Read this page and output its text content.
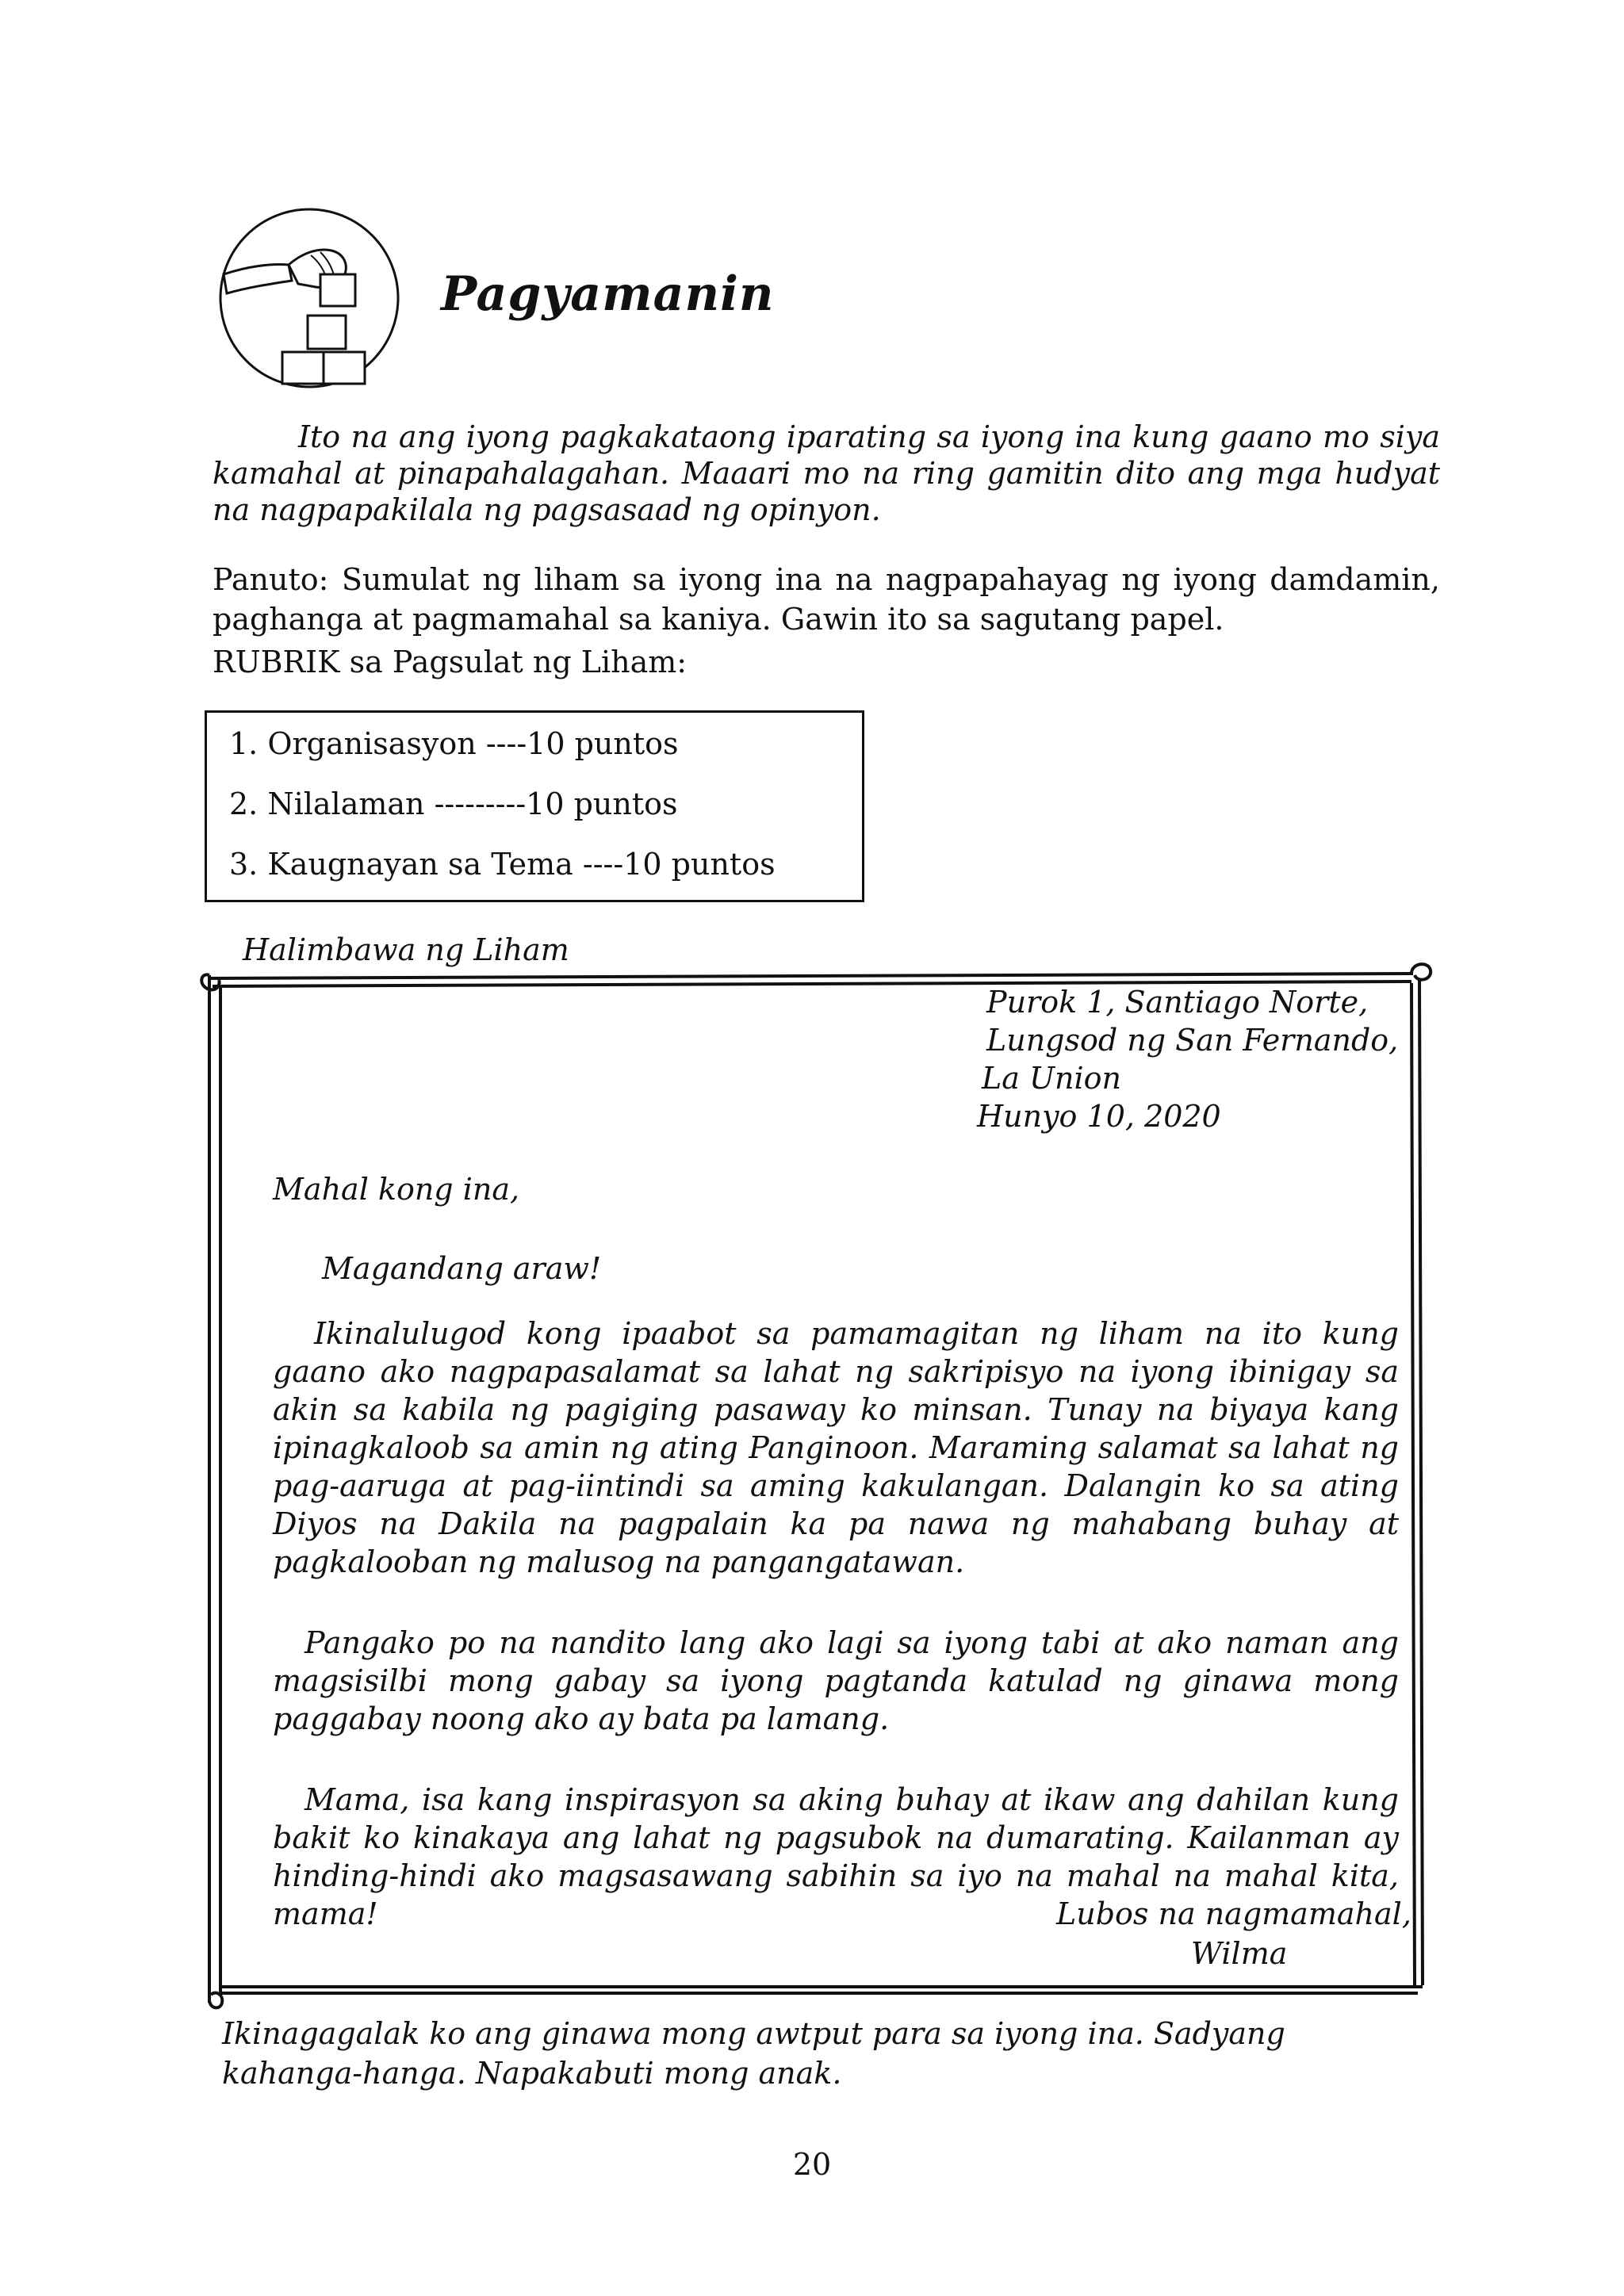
Pagyamanin

Ito na ang iyong pagkakataong iparating sa iyong ina kung gaano mo siya kamahal at pinapahalagahan. Maaari mo na ring gamitin dito ang mga hudyat na nagpapakilala ng pagsasaad ng opinyon.

Panuto: Sumulat ng liham sa iyong ina na nagpapahayag ng iyong damdamin, paghanga at pagmamahal sa kaniya. Gawin ito sa sagutang papel.

RUBRIK sa Pagsulat ng Liham:
1. Organisasyon ----10 puntos
2. Nilalaman ---------10 puntos
3. Kaugnayan sa Tema ----10 puntos
Halimbawa ng Liham
Purok 1, Santiago Norte,
Lungsod ng San Fernando,
La Union
Hunyo 10, 2020
Mahal kong ina,
Magandang araw!

Ikinalulugod kong ipaabot sa pamamagitan ng liham na ito kung gaano ako nagpapasalamat sa lahat ng sakripisyo na iyong ibinigay sa akin sa kabila ng pagiging pasaway ko minsan. Tunay na biyaya kang ipinagkaloob sa amin ng ating Panginoon. Maraming salamat sa lahat ng pag-aaruga at pag-iintindi sa aming kakulangan. Dalangin ko sa ating Diyos na Dakila na pagpalain ka pa nawa ng mahabang buhay at pagkalooban ng malusog na pangangatawan.

Pangako po na nandito lang ako lagi sa iyong tabi at ako naman ang magsisilbi mong gabay sa iyong pagtanda katulad ng ginawa mong paggabay noong ako ay bata pa lamang.

Mama, isa kang inspirasyon sa aking buhay at ikaw ang dahilan kung bakit ko kinakaya ang lahat ng pagsubok na dumarating. Kailanman ay hinding-hindi ako magsasawang sabihin sa iyo na mahal na mahal kita, mama!	Lubos na nagmamahal,
Wilma

Ikinagagalak ko ang ginawa mong awtput para sa iyong ina. Sadyang kahanga-hanga. Napakabuti mong anak.

20
